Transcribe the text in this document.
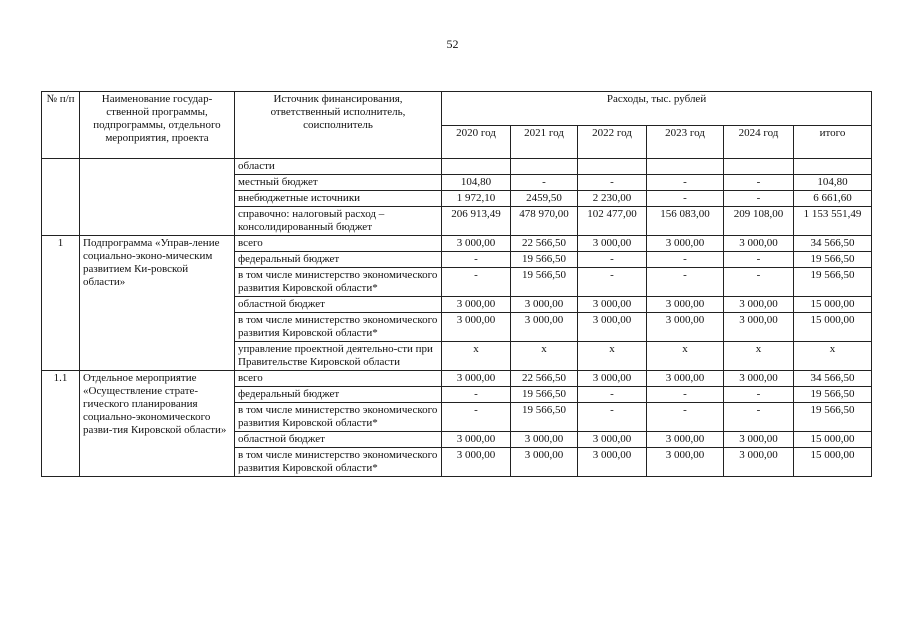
52
№ п/п	Наименование государ-ственной программы, подпрограммы, отдельного мероприятия, проекта	Источник финансирования, ответственный исполнитель, соисполнитель	Расходы, тыс. рублей					
			2020 год	2021 год	2022 год	2023 год	2024 год	итого
		области						
		местный бюджет	104,80	-	-	-	-	104,80
		внебюджетные источники	1 972,10	2459,50	2 230,00	-	-	6 661,60
		справочно: налоговый расход – консолидированный бюджет	206 913,49	478 970,00	102 477,00	156 083,00	209 108,00	1 153 551,49
1	Подпрограмма «Управ-ление социально-эконо-мическим развитием Ки-ровской области»	всего	3 000,00	22 566,50	3 000,00	3 000,00	3 000,00	34 566,50
		федеральный бюджет	-	19 566,50	-	-	-	19 566,50
		в том числе министерство экономического развития Кировской области*	-	19 566,50	-	-	-	19 566,50
		областной бюджет	3 000,00	3 000,00	3 000,00	3 000,00	3 000,00	15 000,00
		в том числе министерство экономического развития Кировской области*	3 000,00	3 000,00	3 000,00	3 000,00	3 000,00	15 000,00
		управление проектной деятельно-сти при Правительстве Кировской области	x	x	x	x	x	x
1.1	Отдельное мероприятие «Осуществление страте-гического планирования социально-экономического разви-тия Кировской области»	всего	3 000,00	22 566,50	3 000,00	3 000,00	3 000,00	34 566,50
		федеральный бюджет	-	19 566,50	-	-	-	19 566,50
		в том числе министерство экономического развития Кировской области*	-	19 566,50	-	-	-	19 566,50
		областной бюджет	3 000,00	3 000,00	3 000,00	3 000,00	3 000,00	15 000,00
		в том числе министерство экономического развития Кировской области*	3 000,00	3 000,00	3 000,00	3 000,00	3 000,00	15 000,00
